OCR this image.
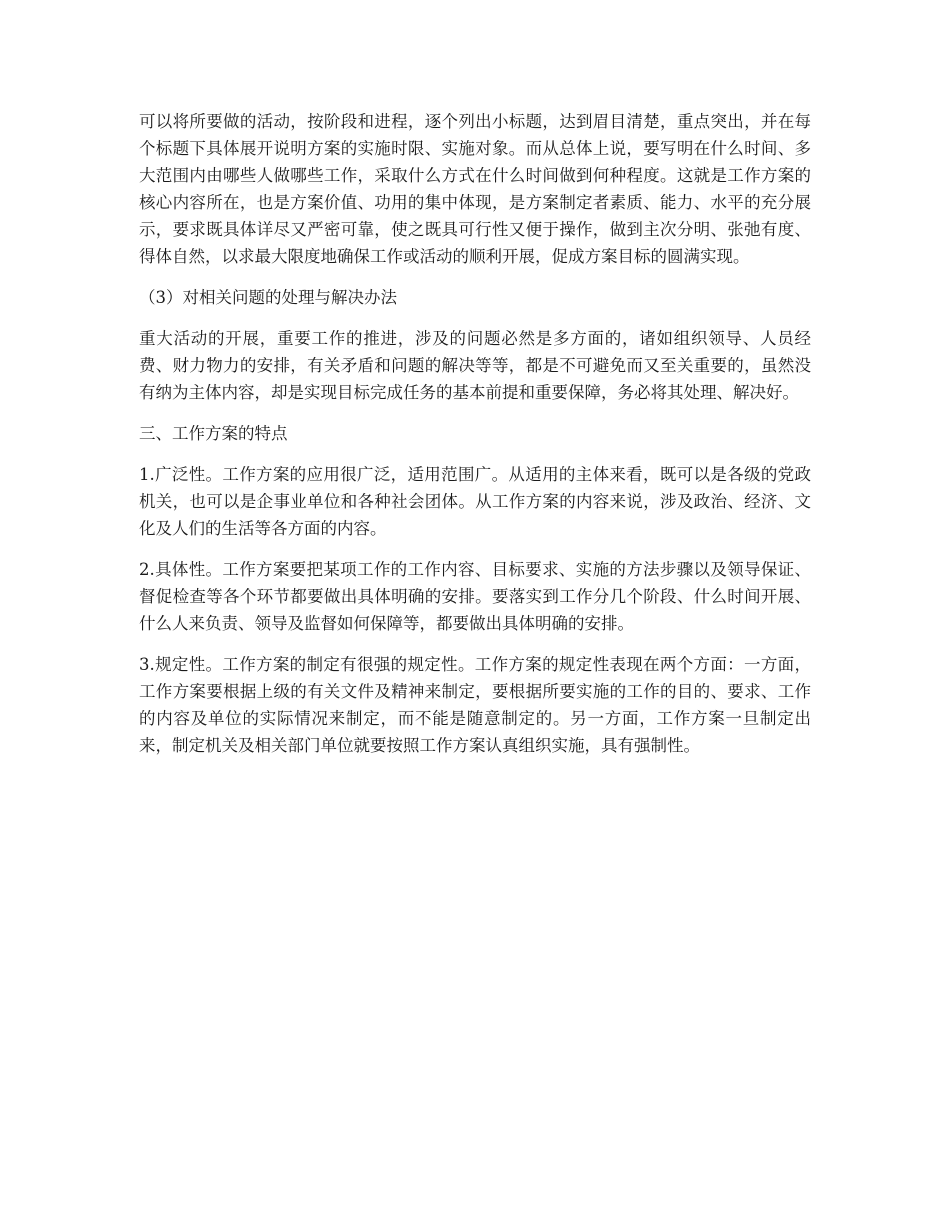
可以将所要做的活动，按阶段和进程，逐个列出小标题，达到眉目清楚，重点突出，并在每个标题下具体展开说明方案的实施时限、实施对象。而从总体上说，要写明在什么时间、多大范围内由哪些人做哪些工作，采取什么方式在什么时间做到何种程度。这就是工作方案的核心内容所在，也是方案价值、功用的集中体现，是方案制定者素质、能力、水平的充分展示，要求既具体详尽又严密可靠，使之既具可行性又便于操作，做到主次分明、张弛有度、得体自然，以求最大限度地确保工作或活动的顺利开展，促成方案目标的圆满实现。

（3）对相关问题的处理与解决办法

重大活动的开展，重要工作的推进，涉及的问题必然是多方面的，诸如组织领导、人员经费、财力物力的安排，有关矛盾和问题的解决等等，都是不可避免而又至关重要的，虽然没有纳为主体内容，却是实现目标完成任务的基本前提和重要保障，务必将其处理、解决好。

三、工作方案的特点

1.广泛性。工作方案的应用很广泛，适用范围广。从适用的主体来看，既可以是各级的党政机关，也可以是企事业单位和各种社会团体。从工作方案的内容来说，涉及政治、经济、文化及人们的生活等各方面的内容。

2.具体性。工作方案要把某项工作的工作内容、目标要求、实施的方法步骤以及领导保证、督促检查等各个环节都要做出具体明确的安排。要落实到工作分几个阶段、什么时间开展、什么人来负责、领导及监督如何保障等，都要做出具体明确的安排。

3.规定性。工作方案的制定有很强的规定性。工作方案的规定性表现在两个方面：一方面，工作方案要根据上级的有关文件及精神来制定，要根据所要实施的工作的目的、要求、工作的内容及单位的实际情况来制定，而不能是随意制定的。另一方面，工作方案一旦制定出来，制定机关及相关部门单位就要按照工作方案认真组织实施，具有强制性。
